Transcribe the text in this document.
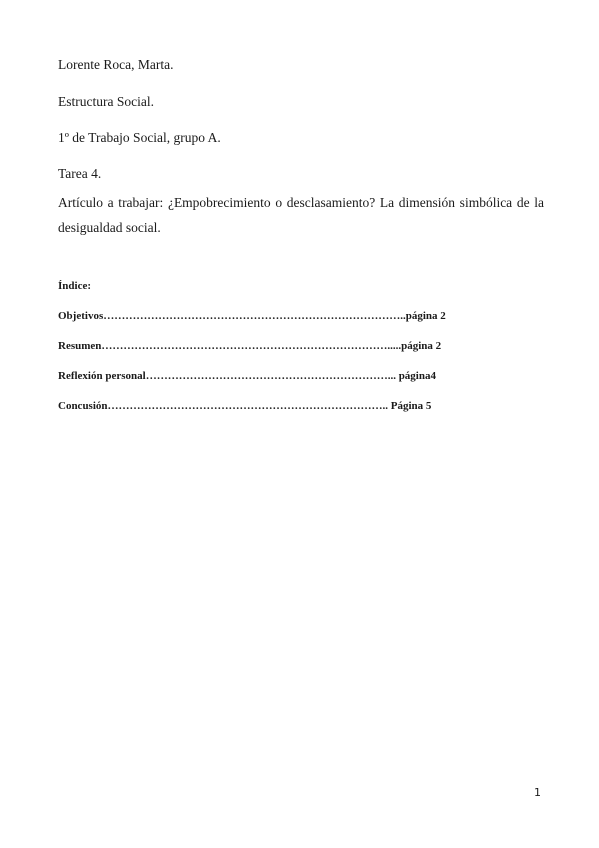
Lorente Roca, Marta.
Estructura Social.
1º de Trabajo Social, grupo A.
Tarea 4.
Artículo a trabajar: ¿Empobrecimiento o desclasamiento? La dimensión simbólica de la desigualdad social.
Índice:
Objetivos………………………………………………………………………..página 2
Resumen…………………………………………………………………….....página 2
Reflexión personal…………………………………………………………... página4
Concusión………………………………………………………………….. Página 5
1
